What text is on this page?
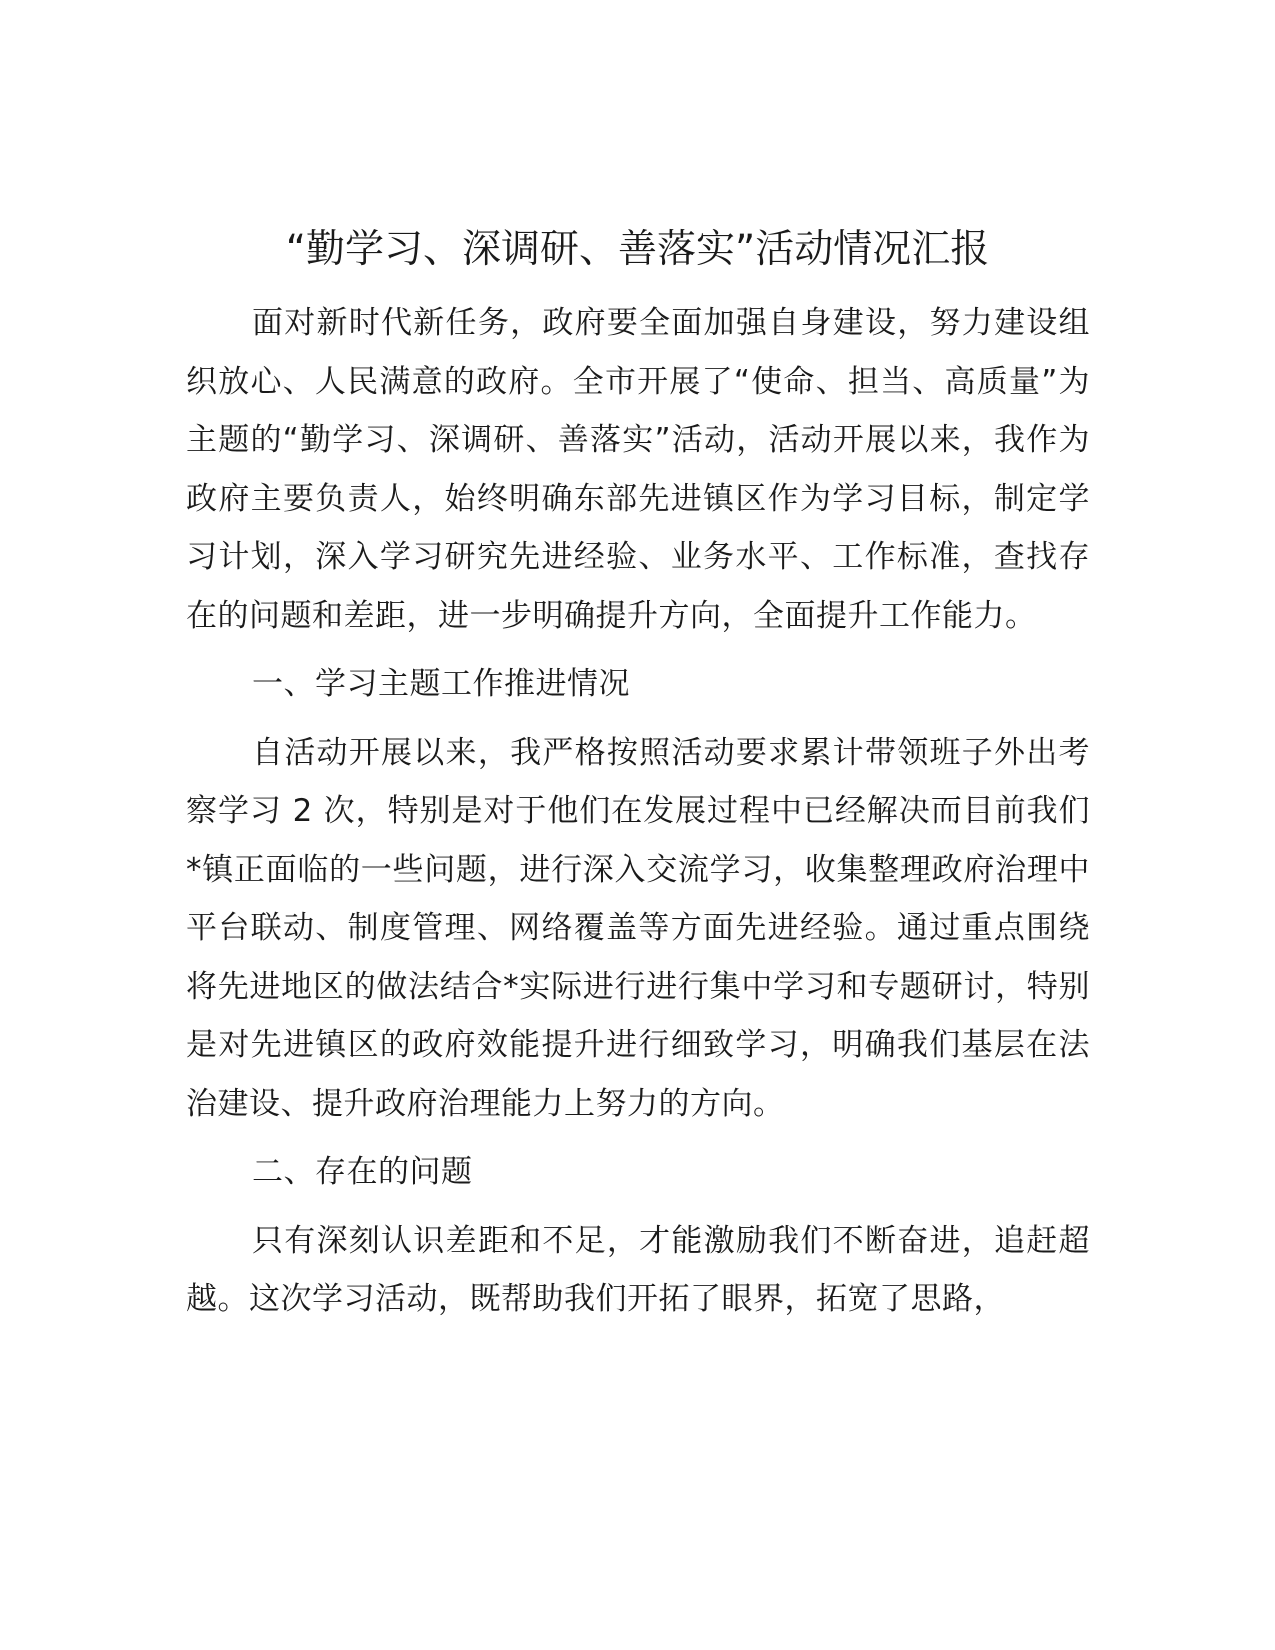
“勤学习、深调研、善落实”活动情况汇报

面对新时代新任务，政府要全面加强自身建设，努力建设组织放心、人民满意的政府。全市开展了“使命、担当、高质量”为主题的“勤学习、深调研、善落实”活动，活动开展以来，我作为政府主要负责人，始终明确东部先进镇区作为学习目标，制定学习计划，深入学习研究先进经验、业务水平、工作标准，查找存在的问题和差距，进一步明确提升方向，全面提升工作能力。

一、学习主题工作推进情况

自活动开展以来，我严格按照活动要求累计带领班子外出考察学习 2 次，特别是对于他们在发展过程中已经解决而目前我们*镇正面临的一些问题，进行深入交流学习，收集整理政府治理中平台联动、制度管理、网络覆盖等方面先进经验。通过重点围绕将先进地区的做法结合*实际进行进行集中学习和专题研讨，特别是对先进镇区的政府效能提升进行细致学习，明确我们基层在法治建设、提升政府治理能力上努力的方向。

二、存在的问题

只有深刻认识差距和不足，才能激励我们不断奋进，追赶超越。这次学习活动，既帮助我们开拓了眼界，拓宽了思路，
